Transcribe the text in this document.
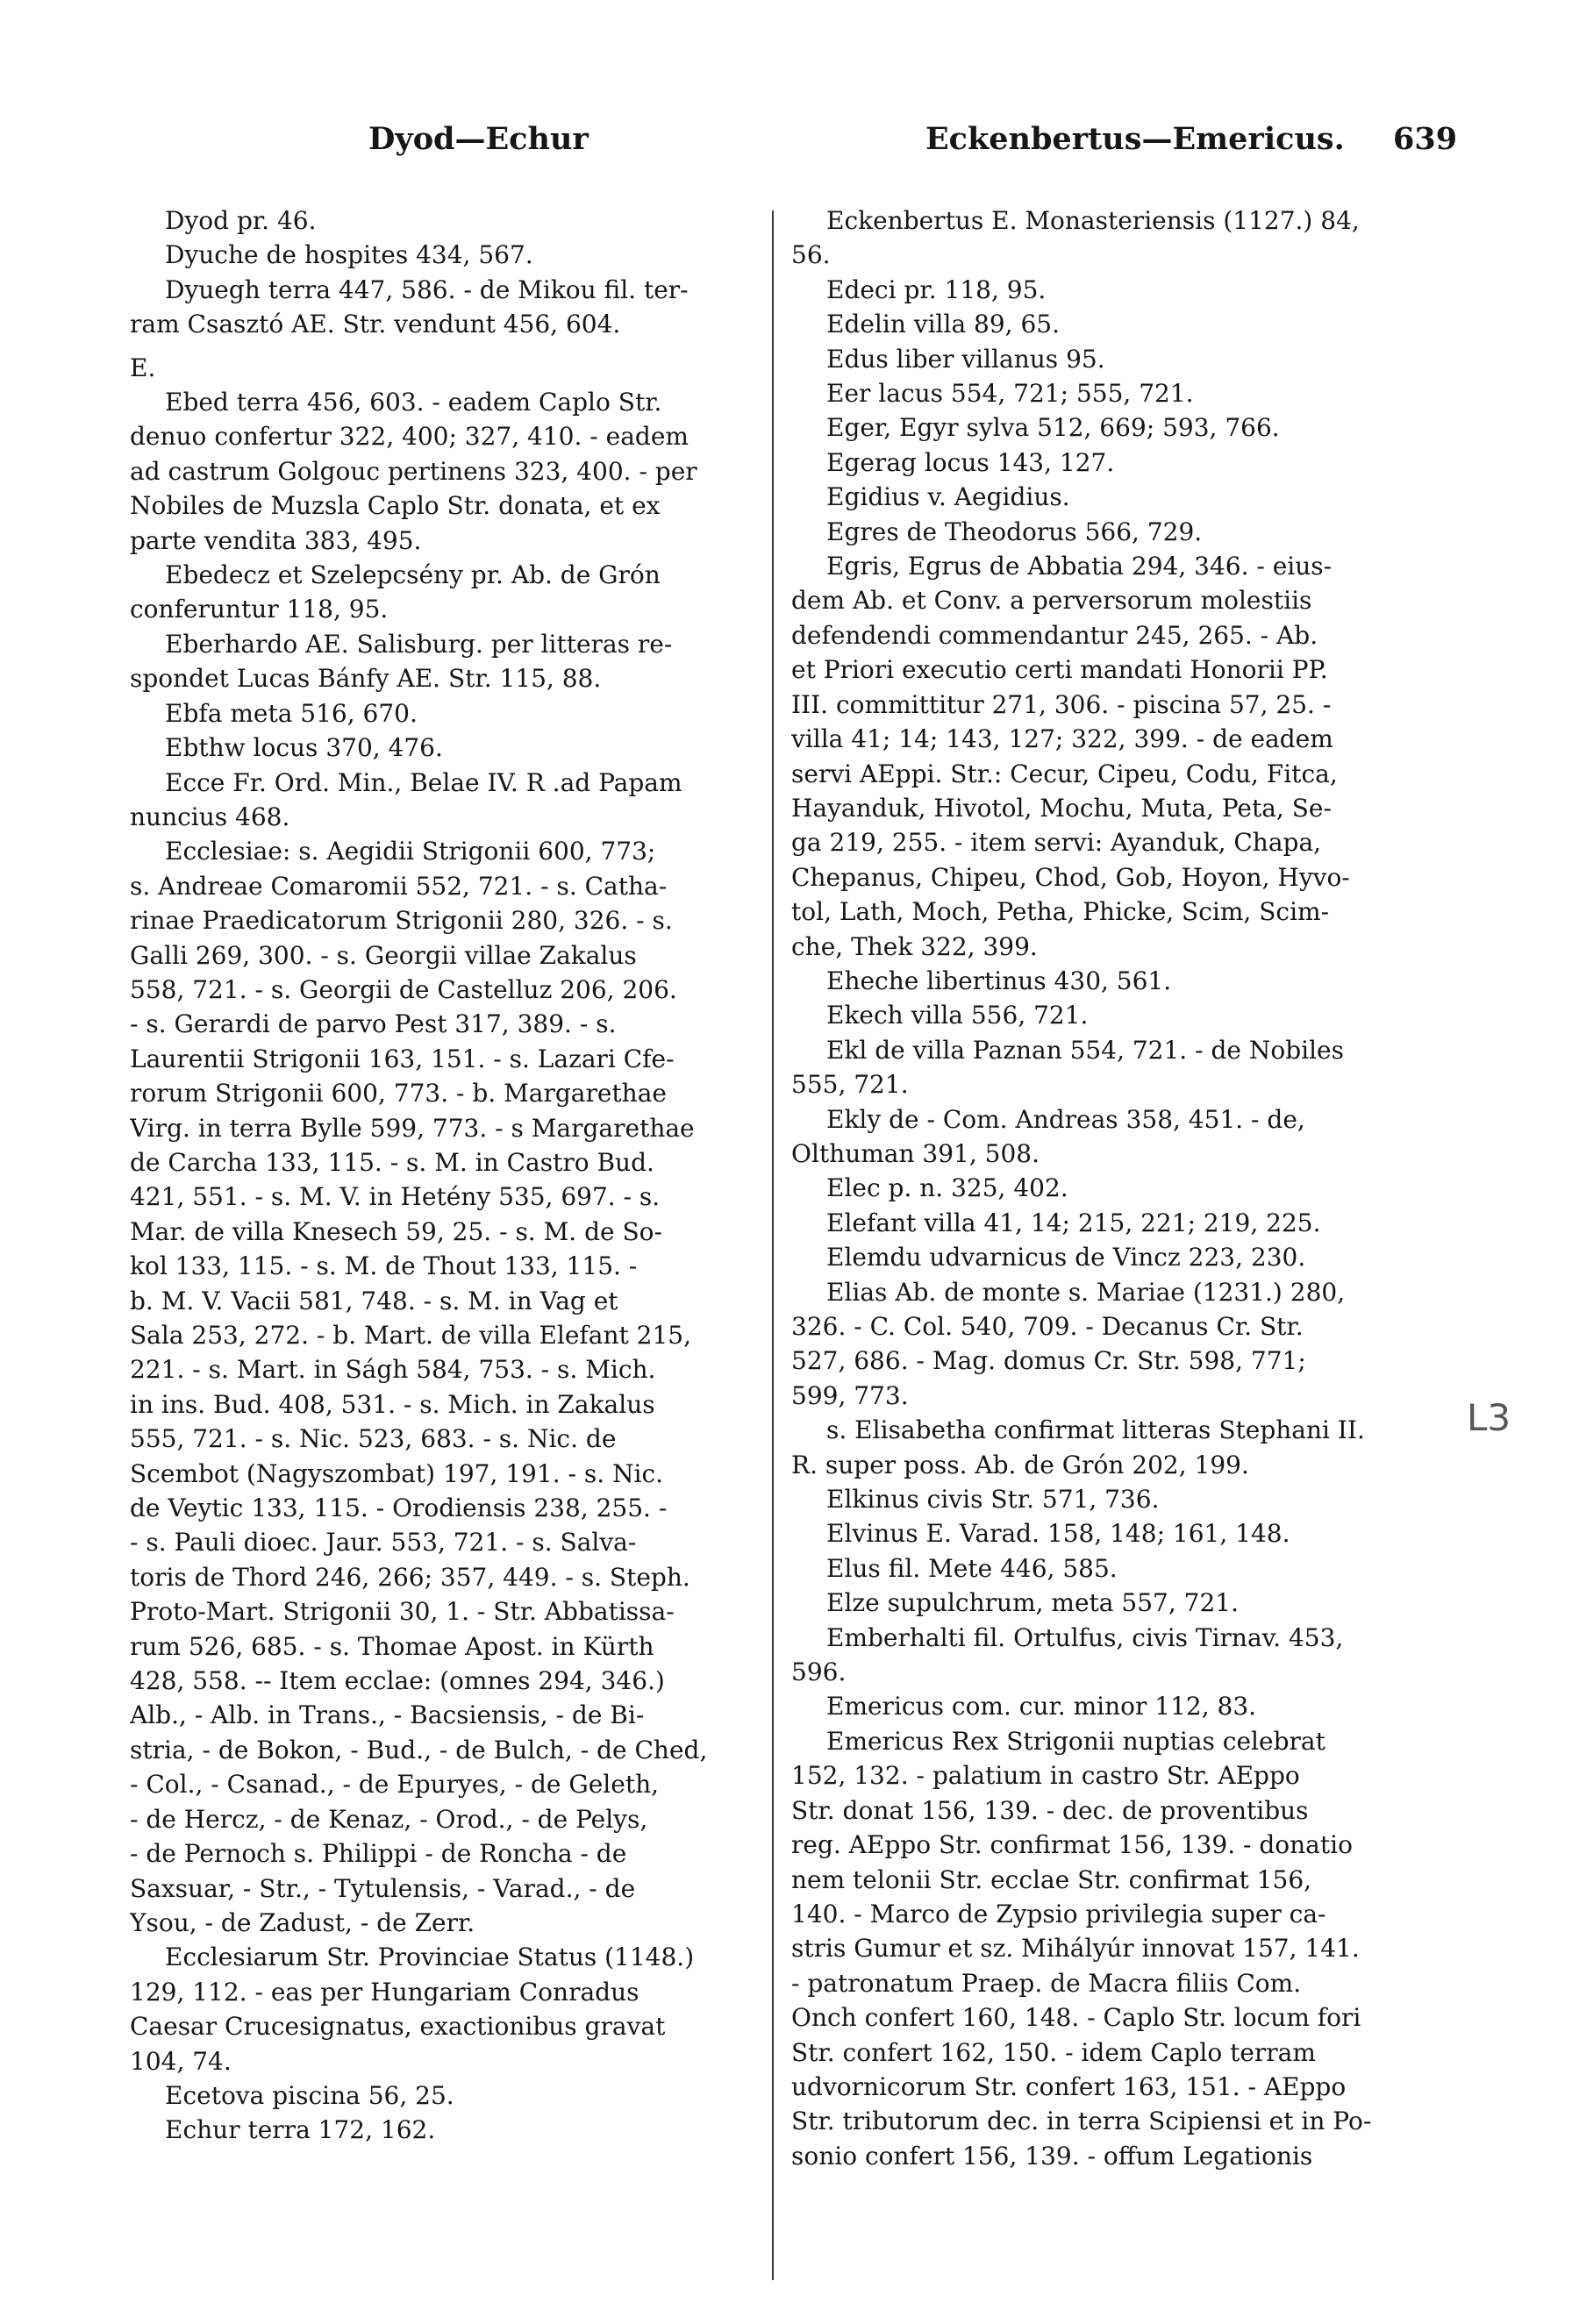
Dyod—Echur	Eckenbertus—Emericus. 639

Dyod pr. 46.

Dyuche de hospites 434, 567.

Dyuegh terra 447, 586. - de Mikou fil. ter-

ram Csasztó AE. Str. vendunt 456, 604.

E.

Ebed terra 456, 603. - eadem Caplo Str.

denuo confertur 322, 400; 327, 410. - eadem

ad castrum Golgouc pertinens 323, 400. - per

Nobiles de Muzsla Caplo Str. donata, et ex

parte vendita 383, 495.

Ebedecz et Szelepcsény pr. Ab. de Grón

conferuntur 118, 95.

Eberhardo AE. Salisburg. per litteras re-

spondet Lucas Bánfy AE. Str. 115, 88.

Ebfa meta 516, 670.

Ebthw locus 370, 476.

Ecce Fr. Ord. Min., Belae IV. R .ad Papam

nuncius 468.

Ecclesiae: s. Aegidii Strigonii 600, 773;

s. Andreae Comaromii 552, 721. - s. Catha-

rinae Praedicatorum Strigonii 280, 326. - s.

Galli 269, 300. - s. Georgii villae Zakalus

558, 721. - s. Georgii de Castelluz 206, 206.

- s. Gerardi de parvo Pest 317, 389. - s.

Laurentii Strigonii 163, 151. - s. Lazari Cfe-

rorum Strigonii 600, 773. - b. Margarethae

Virg. in terra Bylle 599, 773. - s Margarethae

de Carcha 133, 115. - s. M. in Castro Bud.

421, 551. - s. M. V. in Hetény 535, 697. - s.

Mar. de villa Knesech 59, 25. - s. M. de So-

kol 133, 115. - s. M. de Thout 133, 115. -

b. M. V. Vacii 581, 748. - s. M. in Vag et

Sala 253, 272. - b. Mart. de villa Elefant 215,

221. - s. Mart. in Ságh 584, 753. - s. Mich.

in ins. Bud. 408, 531. - s. Mich. in Zakalus

555, 721. - s. Nic. 523, 683. - s. Nic. de

Scembot (Nagyszombat) 197, 191. - s. Nic.

de Veytic 133, 115. - Orodiensis 238, 255. -

- s. Pauli dioec. Jaur. 553, 721. - s. Salva-

toris de Thord 246, 266; 357, 449. - s. Steph.

Proto-Mart. Strigonii 30, 1. - Str. Abbatissa-

rum 526, 685. - s. Thomae Apost. in Kürth

428, 558. -- Item ecclae: (omnes 294, 346.)

Alb., - Alb. in Trans., - Bacsiensis, - de Bi-

stria, - de Bokon, - Bud., - de Bulch, - de Ched,

- Col., - Csanad., - de Epuryes, - de Geleth,

- de Hercz, - de Kenaz, - Orod., - de Pelys,

- de Pernoch s. Philippi - de Roncha - de

Saxsuar, - Str., - Tytulensis, - Varad., - de

Ysou, - de Zadust, - de Zerr.

Ecclesiarum Str. Provinciae Status (1148.)

129, 112. - eas per Hungariam Conradus

Caesar Crucesignatus, exactionibus gravat

104, 74.

Ecetova piscina 56, 25.

Echur terra 172, 162.

Eckenbertus E. Monasteriensis (1127.) 84,

56.

Edeci pr. 118, 95.

Edelin villa 89, 65.

Edus liber villanus 95.

Eer lacus 554, 721; 555, 721.

Eger, Egyr sylva 512, 669; 593, 766.

Egerag locus 143, 127.

Egidius v. Aegidius.

Egres de Theodorus 566, 729.

Egris, Egrus de Abbatia 294, 346. - eius-

dem Ab. et Conv. a perversorum molestiis

defendendi commendantur 245, 265. - Ab.

et Priori executio certi mandati Honorii PP.

III. committitur 271, 306. - piscina 57, 25. -

villa 41; 14; 143, 127; 322, 399. - de eadem

servi AEppi. Str.: Cecur, Cipeu, Codu, Fitca,

Hayanduk, Hivotol, Mochu, Muta, Peta, Se-

ga 219, 255. - item servi: Ayanduk, Chapa,

Chepanus, Chipeu, Chod, Gob, Hoyon, Hyvo-

tol, Lath, Moch, Petha, Phicke, Scim, Scim-

che, Thek 322, 399.

Eheche libertinus 430, 561.

Ekech villa 556, 721.

Ekl de villa Paznan 554, 721. - de Nobiles

555, 721.

Ekly de - Com. Andreas 358, 451. - de,

Olthuman 391, 508.

Elec p. n. 325, 402.

Elefant villa 41, 14; 215, 221; 219, 225.

Elemdu udvarnicus de Vincz 223, 230.

Elias Ab. de monte s. Mariae (1231.) 280,

326. - C. Col. 540, 709. - Decanus Cr. Str.

527, 686. - Mag. domus Cr. Str. 598, 771;

599, 773.

s. Elisabetha confirmat litteras Stephani II.

R. super poss. Ab. de Grón 202, 199.

Elkinus civis Str. 571, 736.

Elvinus E. Varad. 158, 148; 161, 148.

Elus fil. Mete 446, 585.

Elze supulchrum, meta 557, 721.

Emberhalti fil. Ortulfus, civis Tirnav. 453,

596.

Emericus com. cur. minor 112, 83.

Emericus Rex Strigonii nuptias celebrat

152, 132. - palatium in castro Str. AEppo

Str. donat 156, 139. - dec. de proventibus

reg. AEppo Str. confirmat 156, 139. - donatio

nem telonii Str. ecclae Str. confirmat 156,

140. - Marco de Zypsio privilegia super ca-

stris Gumur et sz. Mihályúr innovat 157, 141.

- patronatum Praep. de Macra filiis Com.

Onch confert 160, 148. - Caplo Str. locum fori

Str. confert 162, 150. - idem Caplo terram

udvornicorum Str. confert 163, 151. - AEppo

Str. tributorum dec. in terra Scipiensi et in Po-

sonio confert 156, 139. - offum Legationis

L3
